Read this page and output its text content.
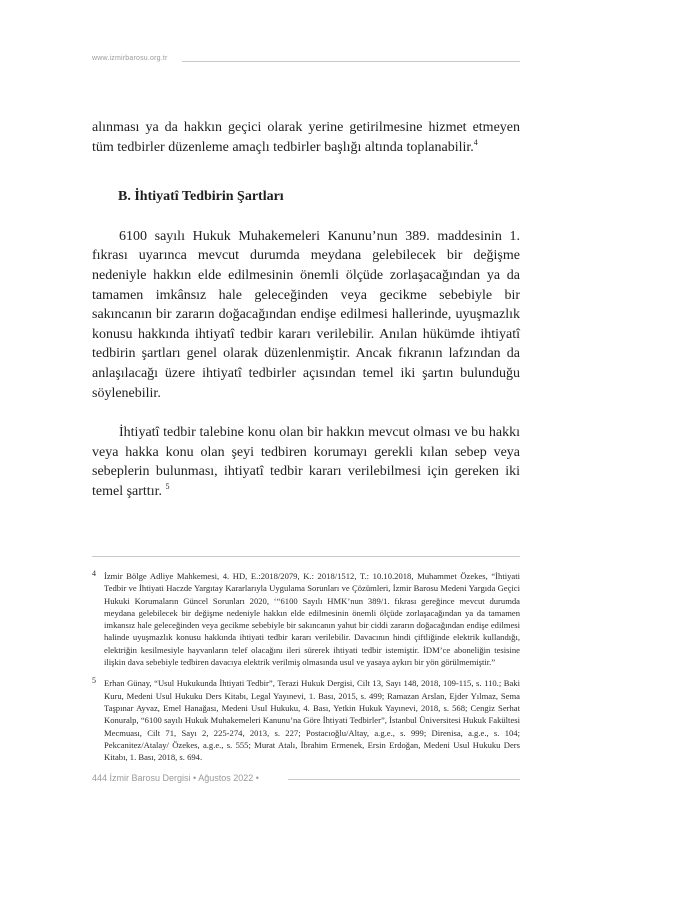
www.izmirbarosu.org.tr

alınması ya da hakkın geçici olarak yerine getirilmesine hizmet etmeyen tüm tedbirler düzenleme amaçlı tedbirler başlığı altında toplanabilir.$^4$

B. İhtiyatî Tedbirin Şartları

6100 sayılı Hukuk Muhakemeleri Kanunu’nun 389. maddesinin 1. fıkrası uyarınca mevcut durumda meydana gelebilecek bir değişme nedeniyle hakkın elde edilmesinin önemli ölçüde zorlaşacağından ya da tamamen imkânsız hale geleceğinden veya gecikme sebebiyle bir sakıncanın bir zararın doğacağından endişe edilmesi hallerinde, uyuşmazlık konusu hakkında ihtiyatî tedbir kararı verilebilir. Anılan hükümde ihtiyatî tedbirin şartları genel olarak düzenlenmiştir. Ancak fıkranın lafzından da anlaşılacağı üzere ihtiyatî tedbirler açısından temel iki şartın bulunduğu söylenebilir.

İhtiyatî tedbir talebine konu olan bir hakkın mevcut olması ve bu hakkı veya hakka konu olan şeyi tedbiren korumayı gerekli kılan sebep veya sebeplerin bulunması, ihtiyatî tedbir kararı verilebilmesi için gereken iki temel şarttır. $^5$

4 İzmir Bölge Adliye Mahkemesi, 4. HD, E.:2018/2079, K.: 2018/1512, T.: 10.10.2018, Muhammet Özekes, “İhtiyati Tedbir ve İhtiyati Haczde Yargıtay Kararlarıyla Uygulama Sorunları ve Çözümleri, İzmir Barosu Medeni Yargıda Geçici Hukuki Korumaların Güncel Sorunları 2020, ‘“6100 Sayılı HMK’nun 389/1. fıkrası gereğince mevcut durumda meydana gelebilecek bir değişme nedeniyle hakkın elde edilmesinin önemli ölçüde zorlaşacağından ya da tamamen imkansız hale geleceğinden veya gecikme sebebiyle bir sakıncanın yahut bir ciddi zararın doğacağından endişe edilmesi halinde uyuşmazlık konusu hakkında ihtiyati tedbir kararı verilebilir. Davacının hindi çiftliğinde elektrik kullandığı, elektriğin kesilmesiyle hayvanların telef olacağını ileri sürerek ihtiyati tedbir istemiştir. İDM’ce aboneliğin tesisine ilişkin dava sebebiyle tedbiren davacıya elektrik verilmiş olmasında usul ve yasaya aykırı bir yön görülmemiştir.”

5 Erhan Günay, “Usul Hukukunda İhtiyati Tedbir”, Terazi Hukuk Dergisi, Cilt 13, Sayı 148, 2018, 109-115, s. 110.; Baki Kuru, Medeni Usul Hukuku Ders Kitabı, Legal Yayınevi, 1. Bası, 2015, s. 499; Ramazan Arslan, Ejder Yılmaz, Sema Taşpınar Ayvaz, Emel Hanağası, Medeni Usul Hukuku, 4. Bası, Yetkin Hukuk Yayınevi, 2018, s. 568; Cengiz Serhat Konuralp, “6100 sayılı Hukuk Muhakemeleri Kanunu’na Göre İhtiyati Tedbirler”, İstanbul Üniversitesi Hukuk Fakültesi Mecmuası, Cilt 71, Sayı 2, 225-274, 2013, s. 227; Postacıoğlu/Altay, a.g.e., s. 999; Direnisa, a.g.e., s. 104; Pekcanitez/Atalay/ Özekes, a.g.e., s. 555; Murat Atalı, İbrahim Ermenek, Ersin Erdoğan, Medeni Usul Hukuku Ders Kitabı, 1. Bası, 2018, s. 694.

444 İzmir Barosu Dergisi • Ağustos 2022 •
